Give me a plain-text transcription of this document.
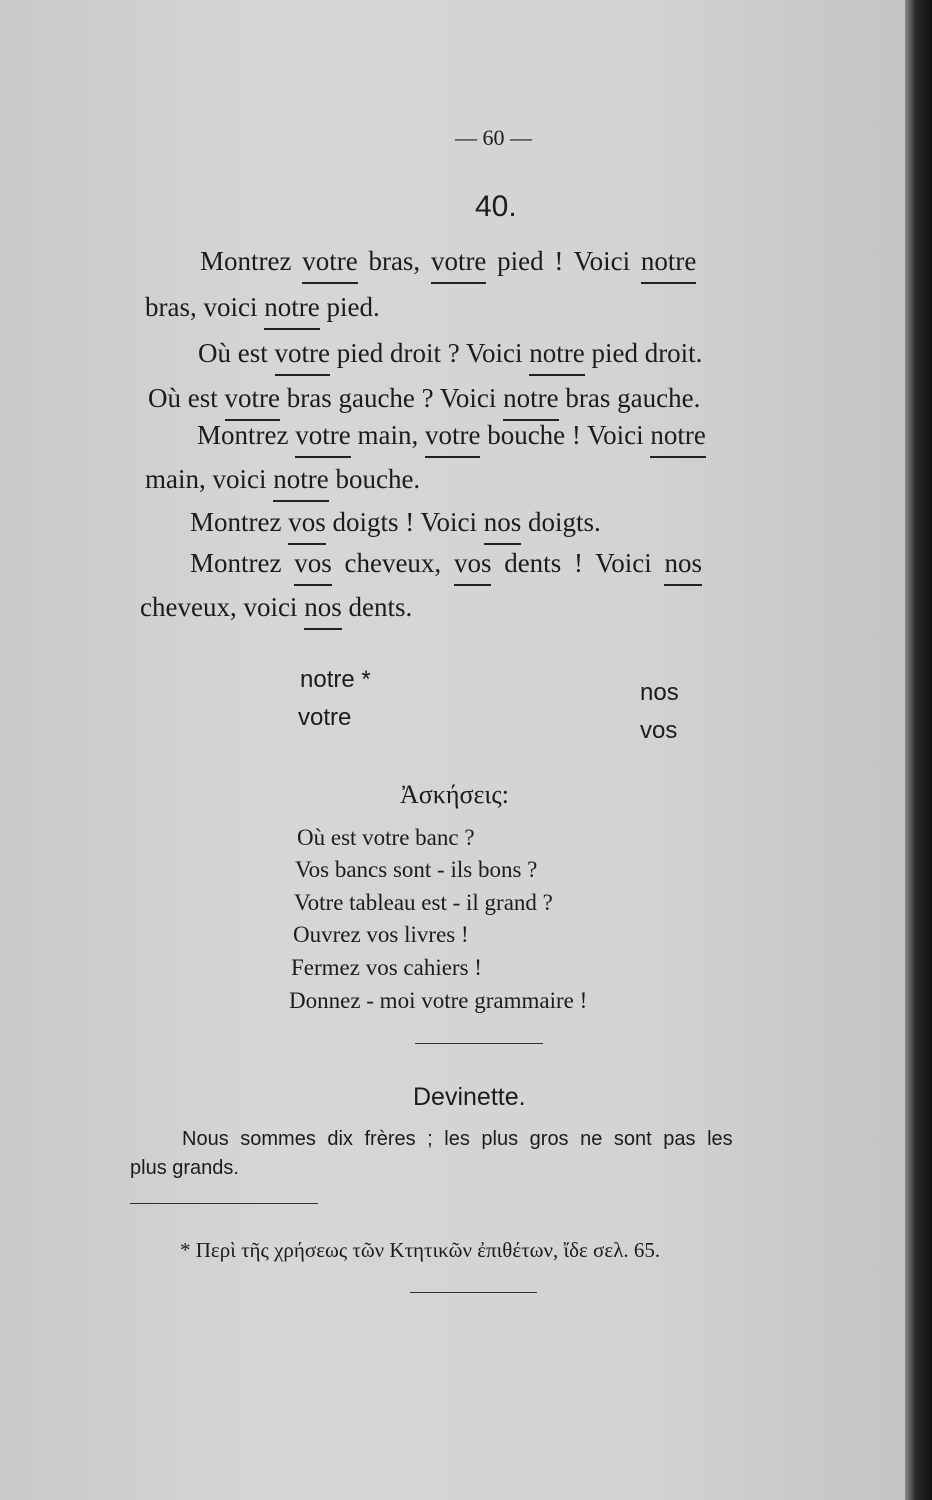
— 60 —
40.

Montrez votre bras, votre pied ! Voici notre

bras, voici notre pied.

Où est votre pied droit ? Voici notre pied droit.

Où est votre bras gauche ? Voici notre bras gauche.

Montrez votre main, votre bouche ! Voici notre

main, voici notre bouche.

Montrez vos doigts ! Voici nos doigts.

Montrez vos cheveux, vos dents ! Voici nos

cheveux, voici nos dents.

notre *
votre
nos
vos
Ἀσκήσεις:

Où est votre banc ?

Vos bancs sont - ils bons ?

Votre tableau est - il grand ?

Ouvrez vos livres !

Fermez vos cahiers !

Donnez - moi votre grammaire !

Devinette.

Nous sommes dix frères ; les plus gros ne sont pas les

plus grands.

* Περὶ τῆς χρήσεως τῶν Κτητικῶν ἐπιθέτων, ἴδε σελ. 65.
